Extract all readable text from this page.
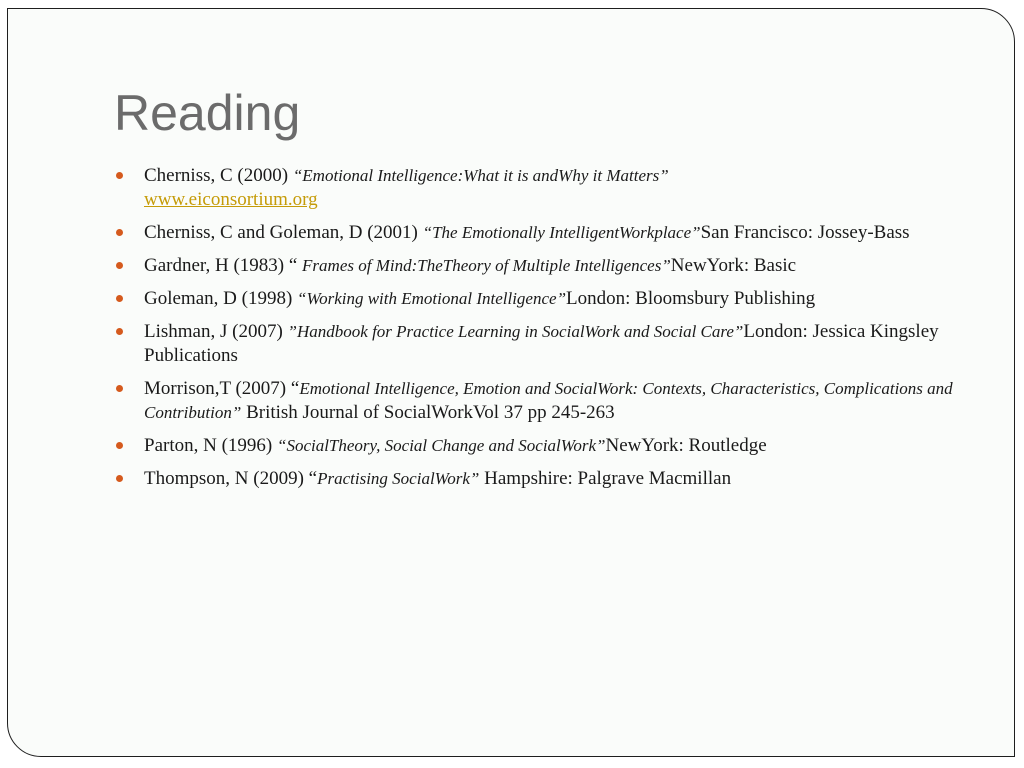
Reading
Cherniss, C (2000) “Emotional Intelligence:What it is andWhy it Matters”
www.eiconsortium.org
Cherniss, C and Goleman, D (2001) “The Emotionally IntelligentWorkplace”San Francisco: Jossey-Bass
Gardner, H (1983) “ Frames of Mind:TheTheory of Multiple Intelligences”NewYork: Basic
Goleman, D (1998) “Working with Emotional Intelligence”London: Bloomsbury Publishing
Lishman, J (2007) ”Handbook for Practice Learning in SocialWork and Social Care”London: Jessica Kingsley Publications
Morrison,T (2007) “Emotional Intelligence, Emotion and SocialWork: Contexts, Characteristics, Complications and Contribution” British Journal of SocialWorkVol 37 pp 245-263
Parton, N (1996) “SocialTheory, Social Change and SocialWork”NewYork: Routledge
Thompson, N (2009) “Practising SocialWork” Hampshire: Palgrave Macmillan
